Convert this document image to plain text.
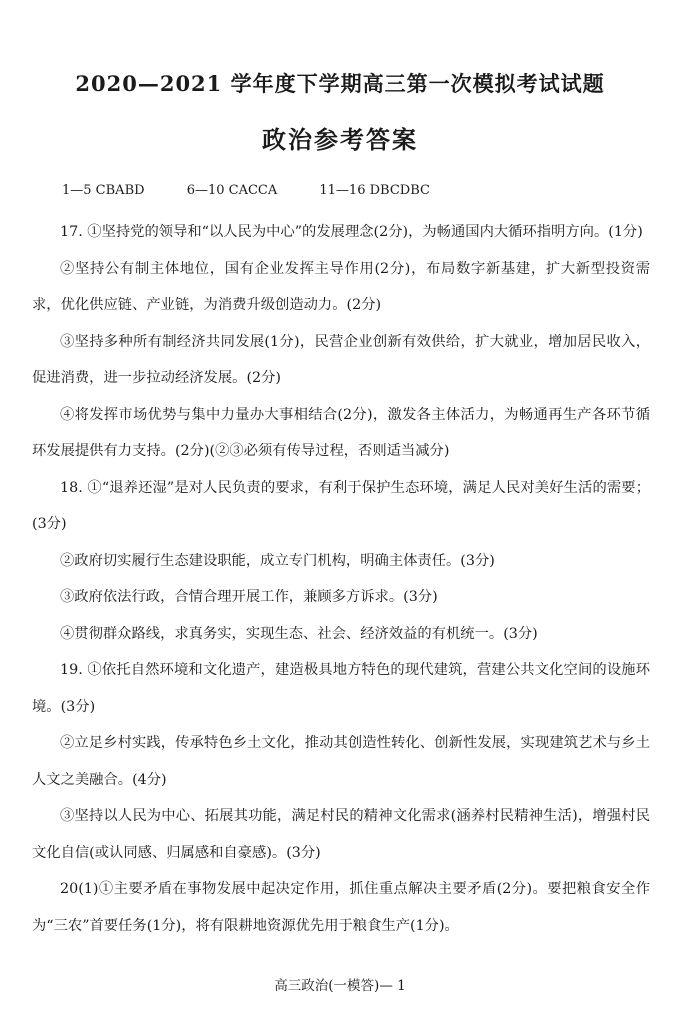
2020—2021 学年度下学期高三第一次模拟考试试题
政治参考答案
1—5 CBABD	6—10 CACCA	11—16 DBCDBC

17. ①坚持党的领导和“以人民为中心”的发展理念(2分)，为畅通国内大循环指明方向。(1分)

②坚持公有制主体地位，国有企业发挥主导作用(2分)，布局数字新基建，扩大新型投资需求，优化供应链、产业链，为消费升级创造动力。(2分)

③坚持多种所有制经济共同发展(1分)，民营企业创新有效供给，扩大就业，增加居民收入，促进消费，进一步拉动经济发展。(2分)

④将发挥市场优势与集中力量办大事相结合(2分)，激发各主体活力，为畅通再生产各环节循环发展提供有力支持。(2分)(②③必须有传导过程，否则适当减分)

18. ①“退养还湿”是对人民负责的要求，有利于保护生态环境，满足人民对美好生活的需要；(3分)

②政府切实履行生态建设职能，成立专门机构，明确主体责任。(3分)

③政府依法行政，合情合理开展工作，兼顾多方诉求。(3分)

④贯彻群众路线，求真务实，实现生态、社会、经济效益的有机统一。(3分)

19. ①依托自然环境和文化遗产，建造极具地方特色的现代建筑，营建公共文化空间的设施环境。(3分)

②立足乡村实践，传承特色乡土文化，推动其创造性转化、创新性发展，实现建筑艺术与乡土人文之美融合。(4分)

③坚持以人民为中心、拓展其功能，满足村民的精神文化需求(涵养村民精神生活)，增强村民文化自信(或认同感、归属感和自豪感)。(3分)

20(1)①主要矛盾在事物发展中起决定作用，抓住重点解决主要矛盾(2分)。要把粮食安全作为“三农”首要任务(1分)，将有限耕地资源优先用于粮食生产(1分)。

高三政治(一模答)— 1
